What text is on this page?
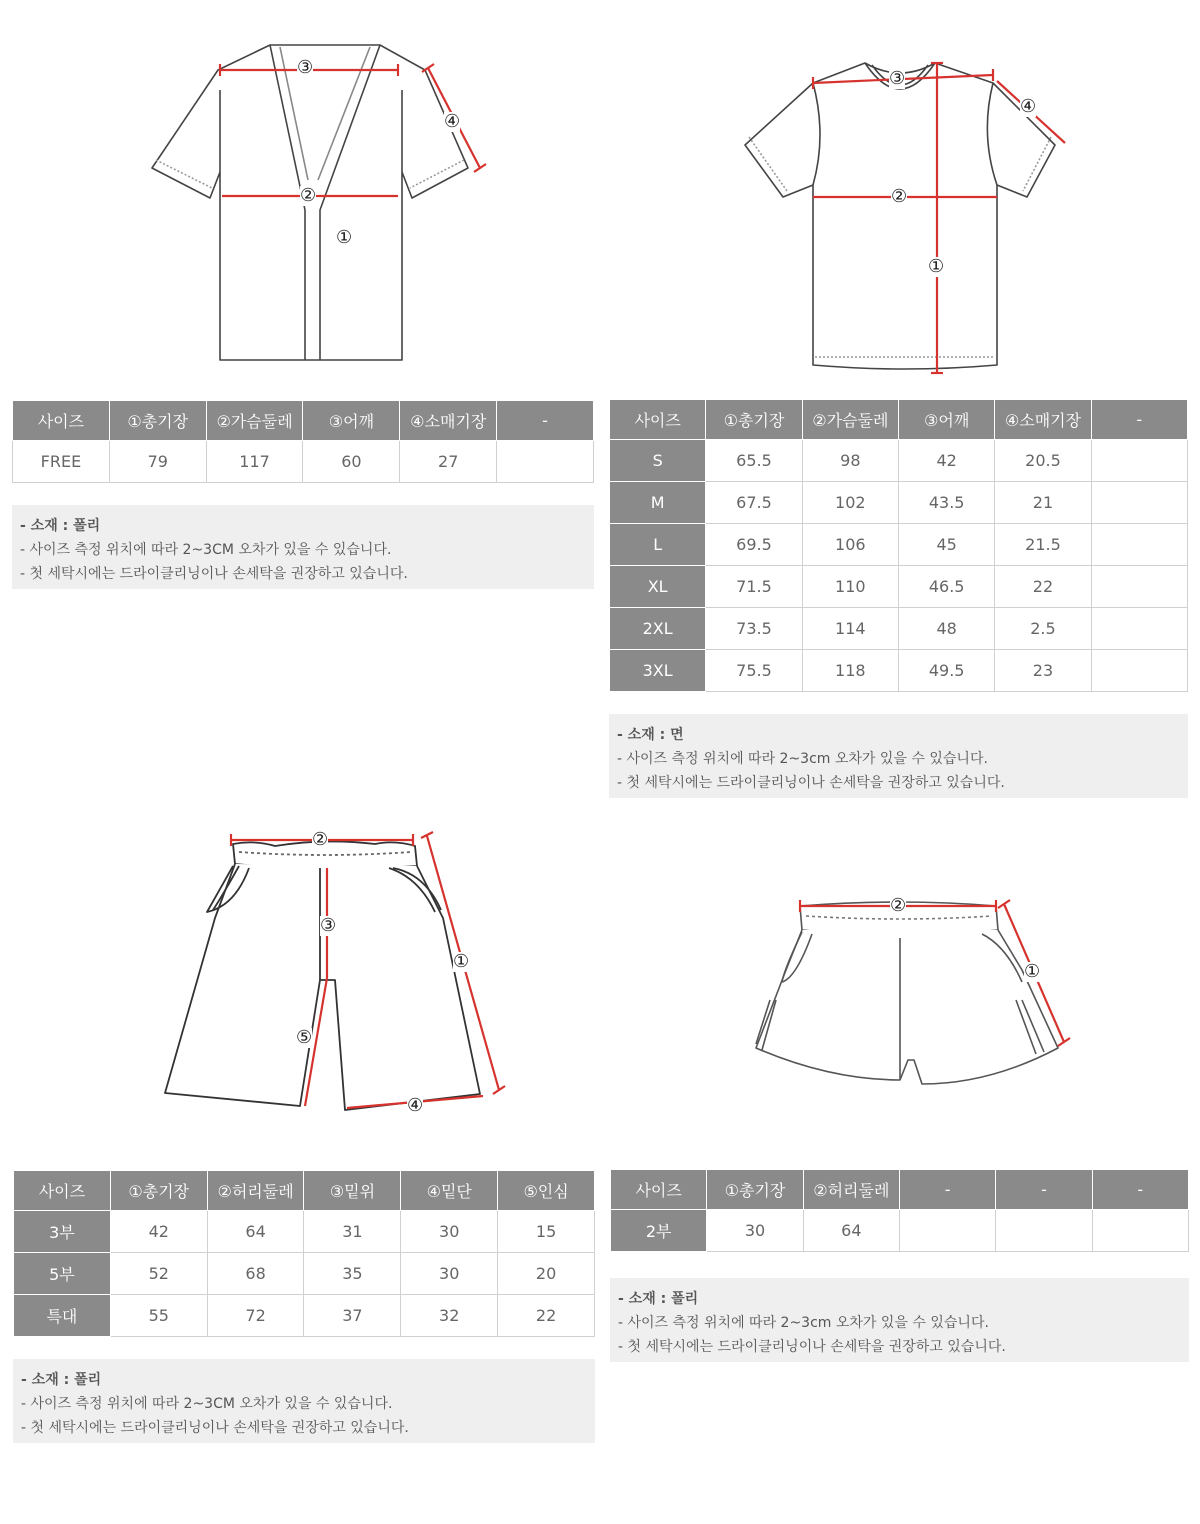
③
②
①
④
③
②
①
④
사이즈	①총기장	②가슴둘레	③어깨	④소매기장	-
FREE	79	117	60	27	
- 소재 : 폴리
- 사이즈 측정 위치에 따라 2~3CM 오차가 있을 수 있습니다.
- 첫 세탁시에는 드라이클리닝이나 손세탁을 권장하고 있습니다.
사이즈	①총기장	②가슴둘레	③어깨	④소매기장	-
S	65.5	98	42	20.5	
M	67.5	102	43.5	21	
L	69.5	106	45	21.5	
XL	71.5	110	46.5	22	
2XL	73.5	114	48	2.5	
3XL	75.5	118	49.5	23	
- 소재 : 면
- 사이즈 측정 위치에 따라 2~3cm 오차가 있을 수 있습니다.
- 첫 세탁시에는 드라이클리닝이나 손세탁을 권장하고 있습니다.
②
③
①
⑤
④
②
①
사이즈	①총기장	②허리둘레	③밑위	④밑단	⑤인심
3부	42	64	31	30	15
5부	52	68	35	30	20
특대	55	72	37	32	22
- 소재 : 폴리
- 사이즈 측정 위치에 따라 2~3CM 오차가 있을 수 있습니다.
- 첫 세탁시에는 드라이클리닝이나 손세탁을 권장하고 있습니다.
사이즈	①총기장	②허리둘레	-	-	-
2부	30	64			
- 소재 : 폴리
- 사이즈 측정 위치에 따라 2~3cm 오차가 있을 수 있습니다.
- 첫 세탁시에는 드라이클리닝이나 손세탁을 권장하고 있습니다.
